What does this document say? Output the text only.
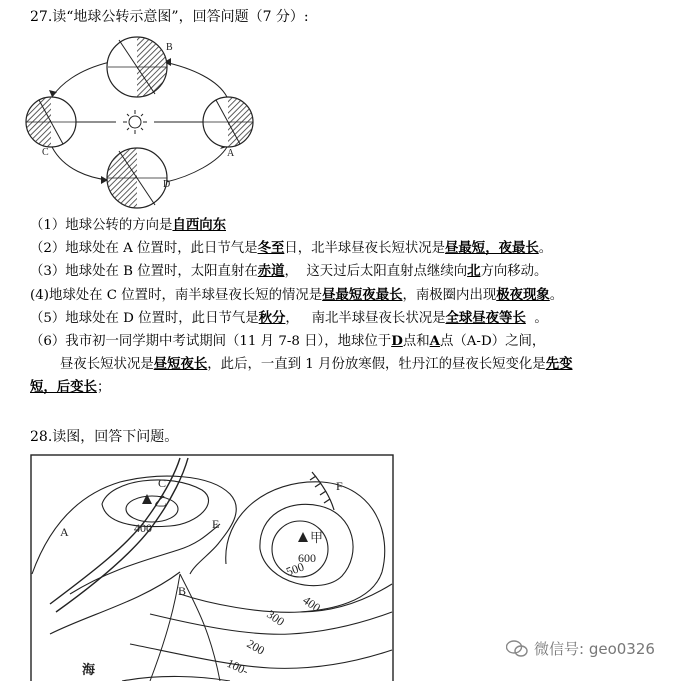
27.读“地球公转示意图”，回答问题（7 分）:
B
C	A
D
（1）地球公转的方向是自西向东
（2）地球处在 A 位置时，此日节气是冬至日，北半球昼夜长短状况是昼最短，夜最长。
（3）地球处在 B 位置时，太阳直射在赤道，  这天过后太阳直射点继续向北方向移动。
(4)地球处在 C 位置时，南半球昼夜长短的情况是昼最短夜最长，南极圈内出现极夜现象。
（5）地球处在 D 位置时，此日节气是秋分，   南北半球昼夜长状况是全球昼夜等长  。
（6）我市初一同学期中考试期间（11 月 7-8 日），地球位于D点和A点（A-D）之间，
昼夜长短状况是昼短夜长，此后，一直到 1 月份放寒假，牡丹江的昼夜长短变化是先变
短，后变长；
28.读图，回答下问题。
乙
甲
600
500
400
300
200
100-
400
A
B
C
E
F
海
微信号: geo0326
